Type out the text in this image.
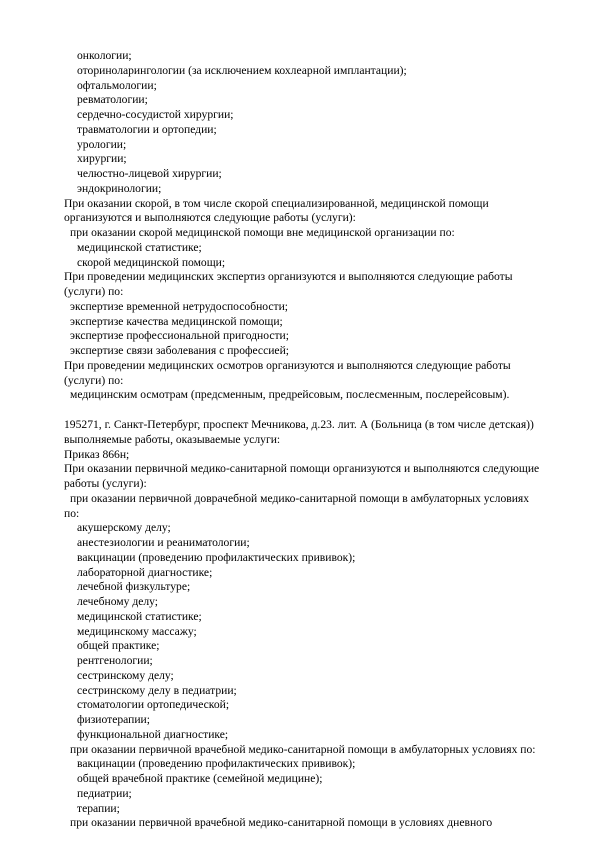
онкологии;
оториноларингологии (за исключением кохлеарной имплантации);
офтальмологии;
ревматологии;
сердечно-сосудистой хирургии;
травматологии и ортопедии;
урологии;
хирургии;
челюстно-лицевой хирургии;
эндокринологии;
При оказании скорой, в том числе скорой специализированной, медицинской помощи
организуются и выполняются следующие работы (услуги):
при оказании скорой медицинской помощи вне медицинской организации по:
медицинской статистике;
скорой медицинской помощи;
При проведении медицинских экспертиз организуются и выполняются следующие работы
(услуги) по:
экспертизе временной нетрудоспособности;
экспертизе качества медицинской помощи;
экспертизе профессиональной пригодности;
экспертизе связи заболевания с профессией;
При проведении медицинских осмотров организуются и выполняются следующие работы
(услуги) по:
медицинским осмотрам (предсменным, предрейсовым, послесменным, послерейсовым).
195271, г. Санкт-Петербург, проспект Мечникова, д.23. лит. А (Больница (в том числе детская))
выполняемые работы, оказываемые услуги:
Приказ 866н;
При оказании первичной медико-санитарной помощи организуются и выполняются следующие
работы (услуги):
при оказании первичной доврачебной медико-санитарной помощи в амбулаторных условиях
по:
акушерскому делу;
анестезиологии и реаниматологии;
вакцинации (проведению профилактических прививок);
лабораторной диагностике;
лечебной физкультуре;
лечебному делу;
медицинской статистике;
медицинскому массажу;
общей практике;
рентгенологии;
сестринскому делу;
сестринскому делу в педиатрии;
стоматологии ортопедической;
физиотерапии;
функциональной диагностике;
при оказании первичной врачебной медико-санитарной помощи в амбулаторных условиях по:
вакцинации (проведению профилактических прививок);
общей врачебной практике (семейной медицине);
педиатрии;
терапии;
при оказании первичной врачебной медико-санитарной помощи в условиях дневного
